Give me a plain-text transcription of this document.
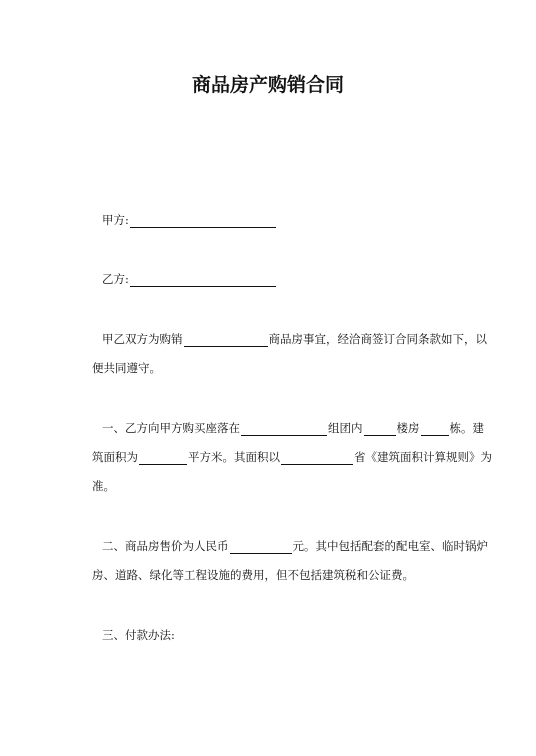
商品房产购销合同
甲方:
乙方:
甲乙双方为购销	商品房事宜，经洽商签订合同条款如下，以
便共同遵守。
一、乙方向甲方购买座落在	组团内	楼房	栋。建
筑面积为	平方米。其面积以	省《建筑面积计算规则》为
准。
二、商品房售价为人民币	元。其中包括配套的配电室、临时锅炉
房、道路、绿化等工程设施的费用，但不包括建筑税和公证费。
三、付款办法:
